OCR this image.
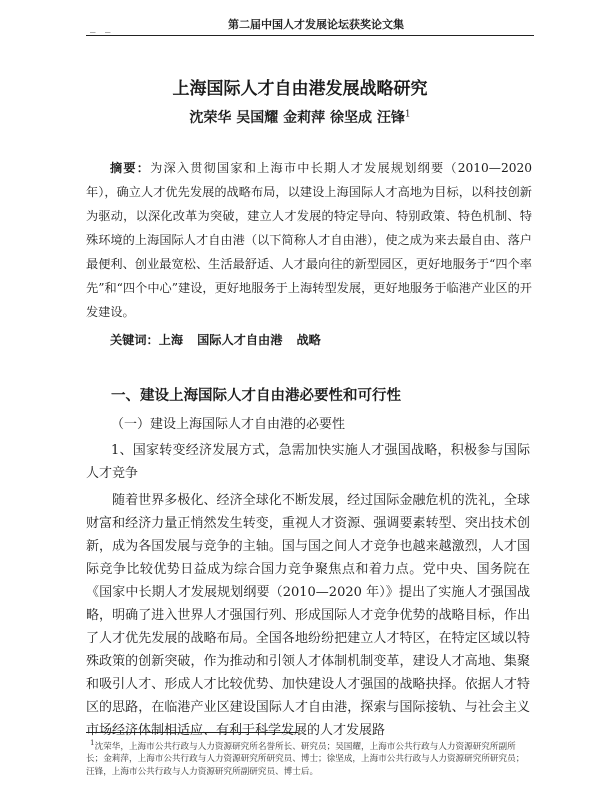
_ _	第二届中国人才发展论坛获奖论文集
上海国际人才自由港发展战略研究
沈荣华 吴国耀 金莉萍 徐坚成 汪锋$^1$
摘要：为深入贯彻国家和上海市中长期人才发展规划纲要（2010—2020 年），确立人才优先发展的战略布局，以建设上海国际人才高地为目标，以科技创新为驱动，以深化改革为突破，建立人才发展的特定导向、特别政策、特色机制、特殊环境的上海国际人才自由港（以下简称人才自由港），使之成为来去最自由、落户最便利、创业最宽松、生活最舒适、人才最向往的新型园区，更好地服务于“四个率先”和“四个中心”建设，更好地服务于上海转型发展，更好地服务于临港产业区的开发建设。
关键词：上海 国际人才自由港 战略
一、建设上海国际人才自由港必要性和可行性
（一）建设上海国际人才自由港的必要性
1、国家转变经济发展方式，急需加快实施人才强国战略，积极参与国际人才竞争
随着世界多极化、经济全球化不断发展，经过国际金融危机的洗礼，全球财富和经济力量正悄然发生转变，重视人才资源、强调要素转型、突出技术创新，成为各国发展与竞争的主轴。国与国之间人才竞争也越来越激烈，人才国际竞争比较优势日益成为综合国力竞争聚焦点和着力点。党中央、国务院在《国家中长期人才发展规划纲要（2010—2020 年）》提出了实施人才强国战略，明确了进入世界人才强国行列、形成国际人才竞争优势的战略目标，作出了人才优先发展的战略布局。全国各地纷纷把建立人才特区，在特定区域以特殊政策的创新突破，作为推动和引领人才体制机制变革，建设人才高地、集聚和吸引人才、形成人才比较优势、加快建设人才强国的战略抉择。依据人才特区的思路，在临港产业区建设国际人才自由港，探索与国际接轨、与社会主义市场经济体制相适应、有利于科学发展的人才发展路
$^1$沈荣华，上海市公共行政与人力资源研究所名誉所长、研究员；吴国耀，上海市公共行政与人力资源研究所副所长；金莉萍，上海市公共行政与人力资源研究所研究员、博士；徐坚成，上海市公共行政与人力资源研究所研究员；汪锋，上海市公共行政与人力资源研究所副研究员、博士后。
